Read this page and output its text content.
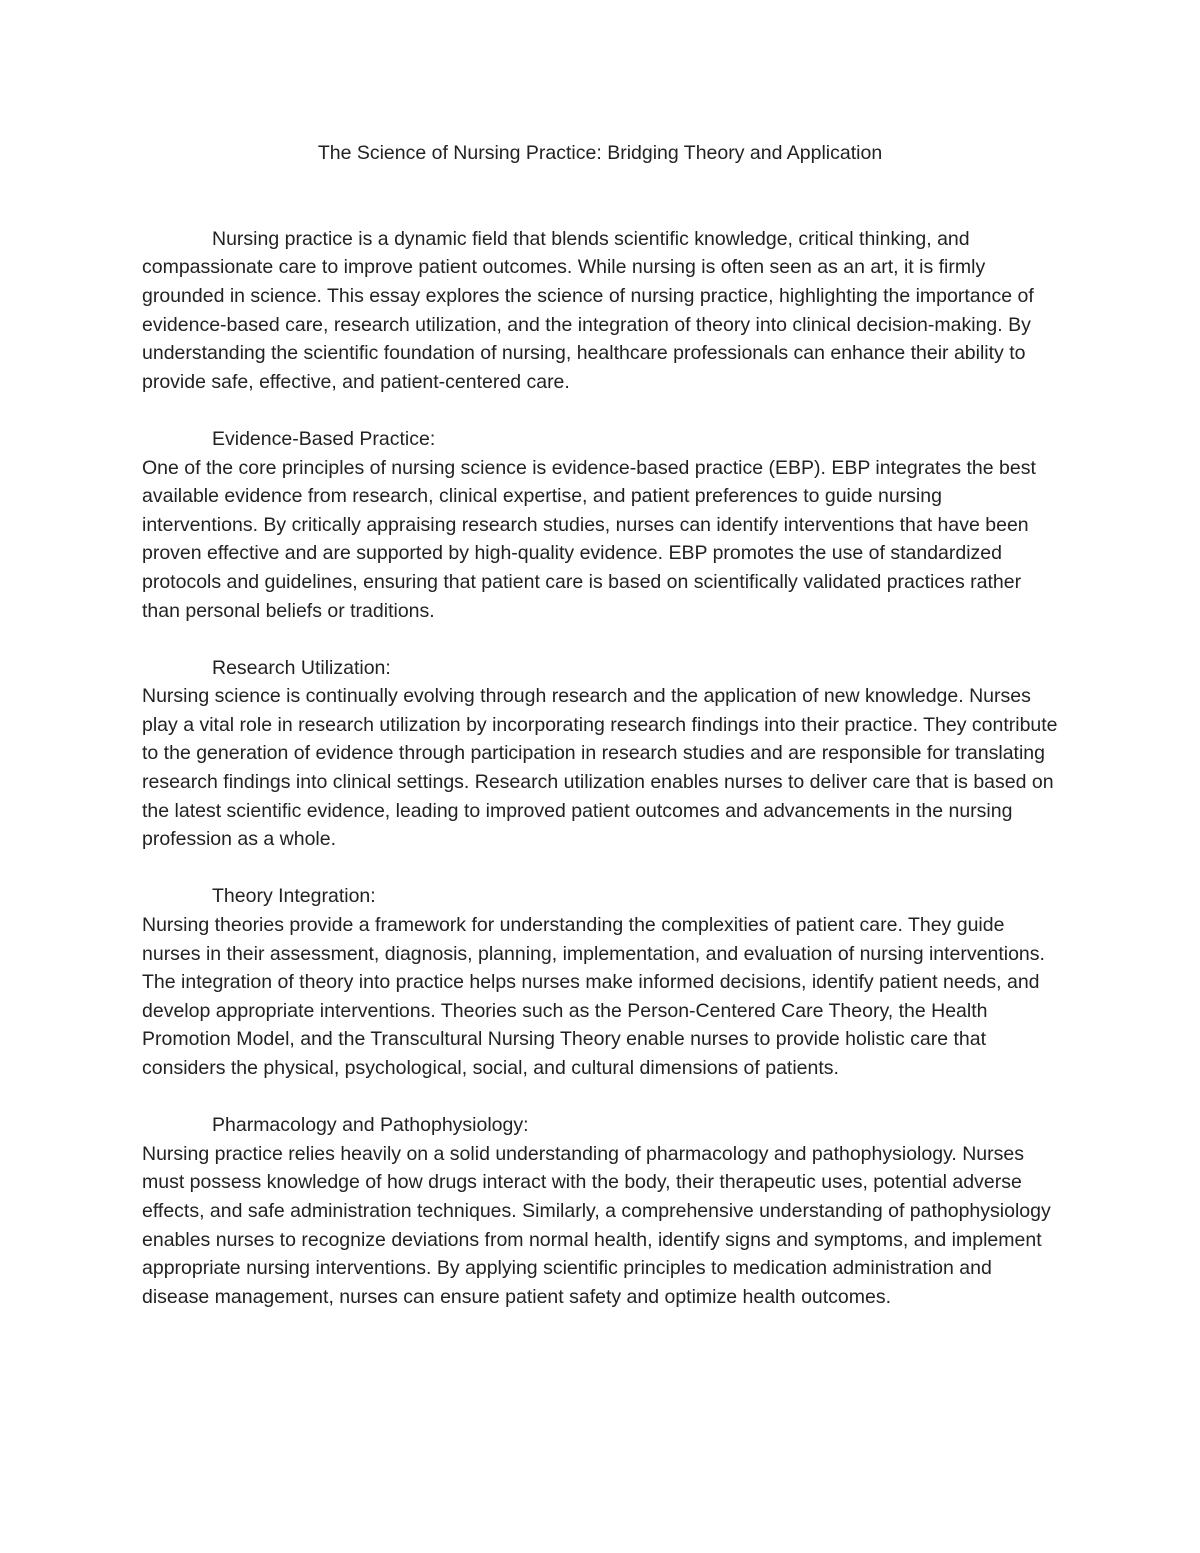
The Science of Nursing Practice: Bridging Theory and Application

Nursing practice is a dynamic field that blends scientific knowledge, critical thinking, and compassionate care to improve patient outcomes. While nursing is often seen as an art, it is firmly grounded in science. This essay explores the science of nursing practice, highlighting the importance of evidence-based care, research utilization, and the integration of theory into clinical decision-making. By understanding the scientific foundation of nursing, healthcare professionals can enhance their ability to provide safe, effective, and patient-centered care.

Evidence-Based Practice:

One of the core principles of nursing science is evidence-based practice (EBP). EBP integrates the best available evidence from research, clinical expertise, and patient preferences to guide nursing interventions. By critically appraising research studies, nurses can identify interventions that have been proven effective and are supported by high-quality evidence. EBP promotes the use of standardized protocols and guidelines, ensuring that patient care is based on scientifically validated practices rather than personal beliefs or traditions.

Research Utilization:

Nursing science is continually evolving through research and the application of new knowledge. Nurses play a vital role in research utilization by incorporating research findings into their practice. They contribute to the generation of evidence through participation in research studies and are responsible for translating research findings into clinical settings. Research utilization enables nurses to deliver care that is based on the latest scientific evidence, leading to improved patient outcomes and advancements in the nursing profession as a whole.

Theory Integration:

Nursing theories provide a framework for understanding the complexities of patient care. They guide nurses in their assessment, diagnosis, planning, implementation, and evaluation of nursing interventions. The integration of theory into practice helps nurses make informed decisions, identify patient needs, and develop appropriate interventions. Theories such as the Person-Centered Care Theory, the Health Promotion Model, and the Transcultural Nursing Theory enable nurses to provide holistic care that considers the physical, psychological, social, and cultural dimensions of patients.

Pharmacology and Pathophysiology:

Nursing practice relies heavily on a solid understanding of pharmacology and pathophysiology. Nurses must possess knowledge of how drugs interact with the body, their therapeutic uses, potential adverse effects, and safe administration techniques. Similarly, a comprehensive understanding of pathophysiology enables nurses to recognize deviations from normal health, identify signs and symptoms, and implement appropriate nursing interventions. By applying scientific principles to medication administration and disease management, nurses can ensure patient safety and optimize health outcomes.
